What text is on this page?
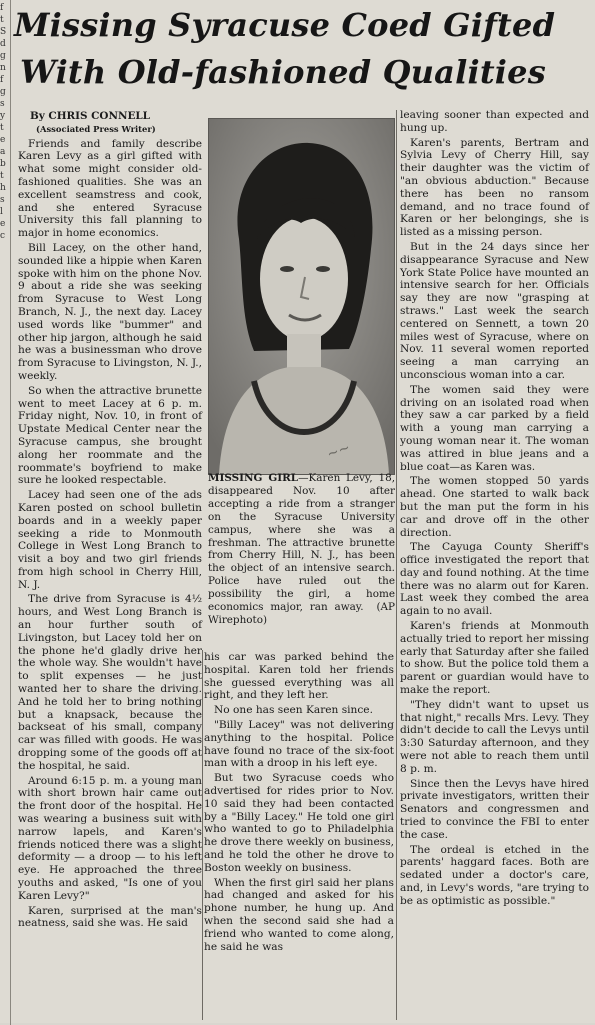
f
t
S
d
g
n
f
g
s
y
t
e
a
b
t
h
s
l
e
c
Missing Syracuse Coed Gifted
With Old-fashioned Qualities

By CHRIS CONNELL

(Associated Press Writer)

Friends and family describe Karen Levy as a girl gifted with what some might consider old-fashioned qualities. She was an excellent seamstress and cook, and she entered Syracuse University this fall planning to major in home economics.

Bill Lacey, on the other hand, sounded like a hippie when Karen spoke with him on the phone Nov. 9 about a ride she was seeking from Syracuse to West Long Branch, N. J., the next day. Lacey used words like "bummer" and other hip jargon, although he said he was a businessman who drove from Syracuse to Livingston, N. J., weekly.

So when the attractive brunette went to meet Lacey at 6 p. m. Friday night, Nov. 10, in front of Upstate Medical Center near the Syracuse campus, she brought along her roommate and the roommate's boyfriend to make sure he looked respectable.

Lacey had seen one of the ads Karen posted on school bulletin boards and in a weekly paper seeking a ride to Monmouth College in West Long Branch to visit a boy and two girl friends from high school in Cherry Hill, N. J.

The drive from Syracuse is 4½ hours, and West Long Branch is an hour further south of Livingston, but Lacey told her on the phone he'd gladly drive her the whole way. She wouldn't have to split expenses — he just wanted her to share the driving. And he told her to bring nothing but a knapsack, because the backseat of his small, company car was filled with goods. He was dropping some of the goods off at the hospital, he said.

Around 6:15 p. m. a young man with short brown hair came out the front door of the hospital. He was wearing a business suit with narrow lapels, and Karen's friends noticed there was a slight deformity — a droop — to his left eye. He approached the three youths and asked, "Is one of you Karen Levy?"

Karen, surprised at the man's neatness, said she was. He said

~~
MISSING GIRL—Karen Levy, 18, disappeared Nov. 10 after accepting a ride from a stranger on the Syracuse University campus, where she was a freshman. The attractive brunette from Cherry Hill, N. J., has been the object of an intensive search. Police have ruled out the possibility the girl, a home economics major, ran away. (AP Wirephoto)

his car was parked behind the hospital. Karen told her friends she guessed everything was all right, and they left her.

No one has seen Karen since.

"Billy Lacey" was not delivering anything to the hospital. Police have found no trace of the six-foot man with a droop in his left eye.

But two Syracuse coeds who advertised for rides prior to Nov. 10 said they had been contacted by a "Billy Lacey." He told one girl who wanted to go to Philadelphia he drove there weekly on business, and he told the other he drove to Boston weekly on business.

When the first girl said her plans had changed and asked for his phone number, he hung up. And when the second said she had a friend who wanted to come along, he said he was

leaving sooner than expected and hung up.

Karen's parents, Bertram and Sylvia Levy of Cherry Hill, say their daughter was the victim of "an obvious abduction." Because there has been no ransom demand, and no trace found of Karen or her belongings, she is listed as a missing person.

But in the 24 days since her disappearance Syracuse and New York State Police have mounted an intensive search for her. Officials say they are now "grasping at straws." Last week the search centered on Sennett, a town 20 miles west of Syracuse, where on Nov. 11 several women reported seeing a man carrying an unconscious woman into a car.

The women said they were driving on an isolated road when they saw a car parked by a field with a young man carrying a young woman near it. The woman was attired in blue jeans and a blue coat—as Karen was.

The women stopped 50 yards ahead. One started to walk back but the man put the form in his car and drove off in the other direction.

The Cayuga County Sheriff's office investigated the report that day and found nothing. At the time there was no alarm out for Karen. Last week they combed the area again to no avail.

Karen's friends at Monmouth actually tried to report her missing early that Saturday after she failed to show. But the police told them a parent or guardian would have to make the report.

"They didn't want to upset us that night," recalls Mrs. Levy. They didn't decide to call the Levys until 3:30 Saturday afternoon, and they were not able to reach them until 8 p. m.

Since then the Levys have hired private investigators, written their Senators and congressmen and tried to convince the FBI to enter the case.

The ordeal is etched in the parents' haggard faces. Both are sedated under a doctor's care, and, in Levy's words, "are trying to be as optimistic as possible."
